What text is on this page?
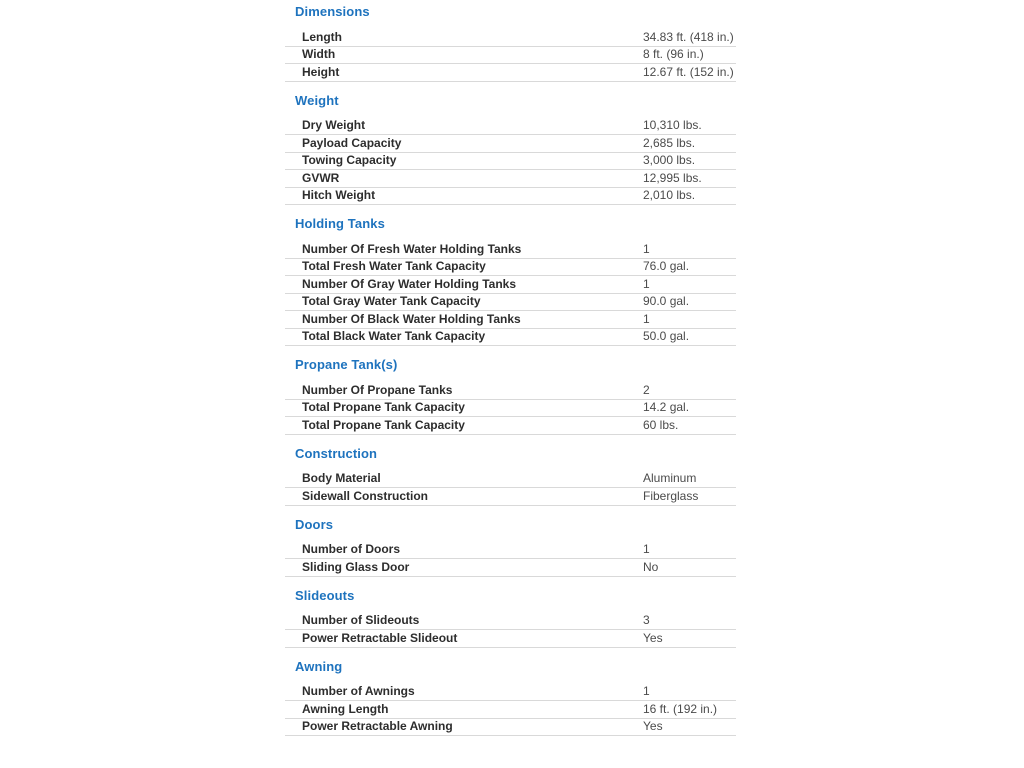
Dimensions
Length	34.83 ft. (418 in.)
Width	8 ft. (96 in.)
Height	12.67 ft. (152 in.)
Weight
Dry Weight	10,310 lbs.
Payload Capacity	2,685 lbs.
Towing Capacity	3,000 lbs.
GVWR	12,995 lbs.
Hitch Weight	2,010 lbs.
Holding Tanks
Number Of Fresh Water Holding Tanks	1
Total Fresh Water Tank Capacity	76.0 gal.
Number Of Gray Water Holding Tanks	1
Total Gray Water Tank Capacity	90.0 gal.
Number Of Black Water Holding Tanks	1
Total Black Water Tank Capacity	50.0 gal.
Propane Tank(s)
Number Of Propane Tanks	2
Total Propane Tank Capacity	14.2 gal.
Total Propane Tank Capacity	60 lbs.
Construction
Body Material	Aluminum
Sidewall Construction	Fiberglass
Doors
Number of Doors	1
Sliding Glass Door	No
Slideouts
Number of Slideouts	3
Power Retractable Slideout	Yes
Awning
Number of Awnings	1
Awning Length	16 ft. (192 in.)
Power Retractable Awning	Yes
